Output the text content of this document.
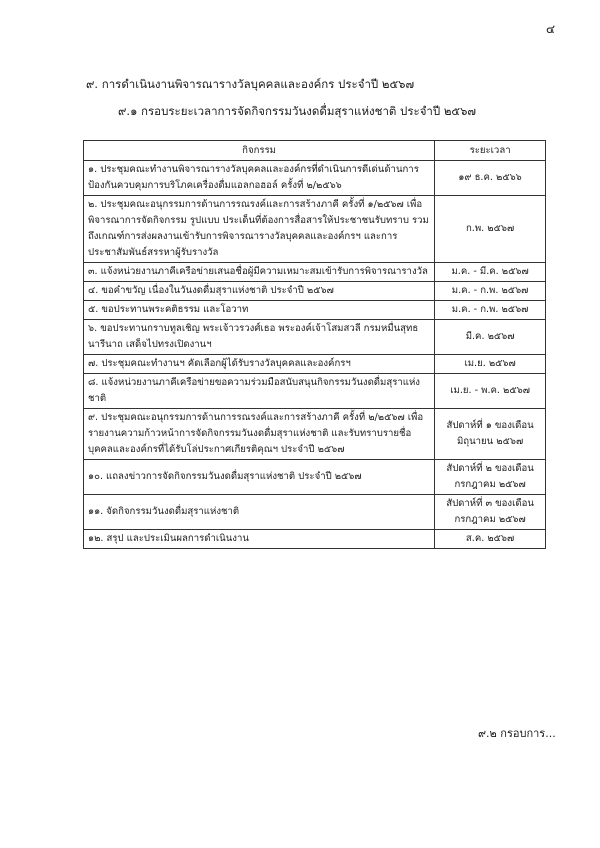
๔
๙. การดำเนินงานพิจารณารางวัลบุคคลและองค์กร ประจำปี ๒๕๖๗
๙.๑ กรอบระยะเวลาการจัดกิจกรรมวันงดดื่มสุราแห่งชาติ ประจำปี ๒๕๖๗
กิจกรรม	ระยะเวลา
๑. ประชุมคณะทำงานพิจารณารางวัลบุคคลและองค์กรที่ดำเนินการดีเด่นด้านการป้องกันควบคุมการบริโภคเครื่องดื่มแอลกอฮอล์ ครั้งที่ ๒/๒๕๖๖	๑๙ ธ.ค. ๒๕๖๖
๒. ประชุมคณะอนุกรรมการด้านการรณรงค์และการสร้างภาคี ครั้งที่ ๑/๒๕๖๗ เพื่อพิจารณาการจัดกิจกรรม รูปแบบ ประเด็นที่ต้องการสื่อสารให้ประชาชนรับทราบ รวมถึงเกณฑ์การส่งผลงานเข้ารับการพิจารณารางวัลบุคคลและองค์กรฯ และการประชาสัมพันธ์สรรหาผู้รับรางวัล	ก.พ. ๒๕๖๗
๓. แจ้งหน่วยงานภาคีเครือข่ายเสนอชื่อผู้มีความเหมาะสมเข้ารับการพิจารณารางวัล	ม.ค. - มี.ค. ๒๕๖๗
๔. ขอคำขวัญ เนื่องในวันงดดื่มสุราแห่งชาติ ประจำปี ๒๕๖๗	ม.ค. - ก.พ. ๒๕๖๗
๕. ขอประทานพระคติธรรม และโอวาท	ม.ค. - ก.พ. ๒๕๖๗
๖. ขอประทานกราบทูลเชิญ พระเจ้าวรวงศ์เธอ พระองค์เจ้าโสมสวลี กรมหมื่นสุทธนารีนาถ เสด็จไปทรงเปิดงานฯ	มี.ค. ๒๕๖๗
๗. ประชุมคณะทำงานฯ คัดเลือกผู้ได้รับรางวัลบุคคลและองค์กรฯ	เม.ย. ๒๕๖๗
๘. แจ้งหน่วยงานภาคีเครือข่ายขอความร่วมมือสนับสนุนกิจกรรมวันงดดื่มสุราแห่งชาติ	เม.ย. - พ.ค. ๒๕๖๗
๙. ประชุมคณะอนุกรรมการด้านการรณรงค์และการสร้างภาคี ครั้งที่ ๒/๒๕๖๗ เพื่อรายงานความก้าวหน้าการจัดกิจกรรมวันงดดื่มสุราแห่งชาติ และรับทราบรายชื่อบุคคลและองค์กรที่ได้รับโล่ประกาศเกียรติคุณฯ ประจำปี ๒๕๖๗	สัปดาห์ที่ ๑ ของเดือนมิถุนายน ๒๕๖๗
๑๐. แถลงข่าวการจัดกิจกรรมวันงดดื่มสุราแห่งชาติ ประจำปี ๒๕๖๗	สัปดาห์ที่ ๒ ของเดือนกรกฎาคม ๒๕๖๗
๑๑. จัดกิจกรรมวันงดดื่มสุราแห่งชาติ	สัปดาห์ที่ ๓ ของเดือนกรกฎาคม ๒๕๖๗
๑๒. สรุป และประเมินผลการดำเนินงาน	ส.ค. ๒๕๖๗
๙.๒ กรอบการ...
